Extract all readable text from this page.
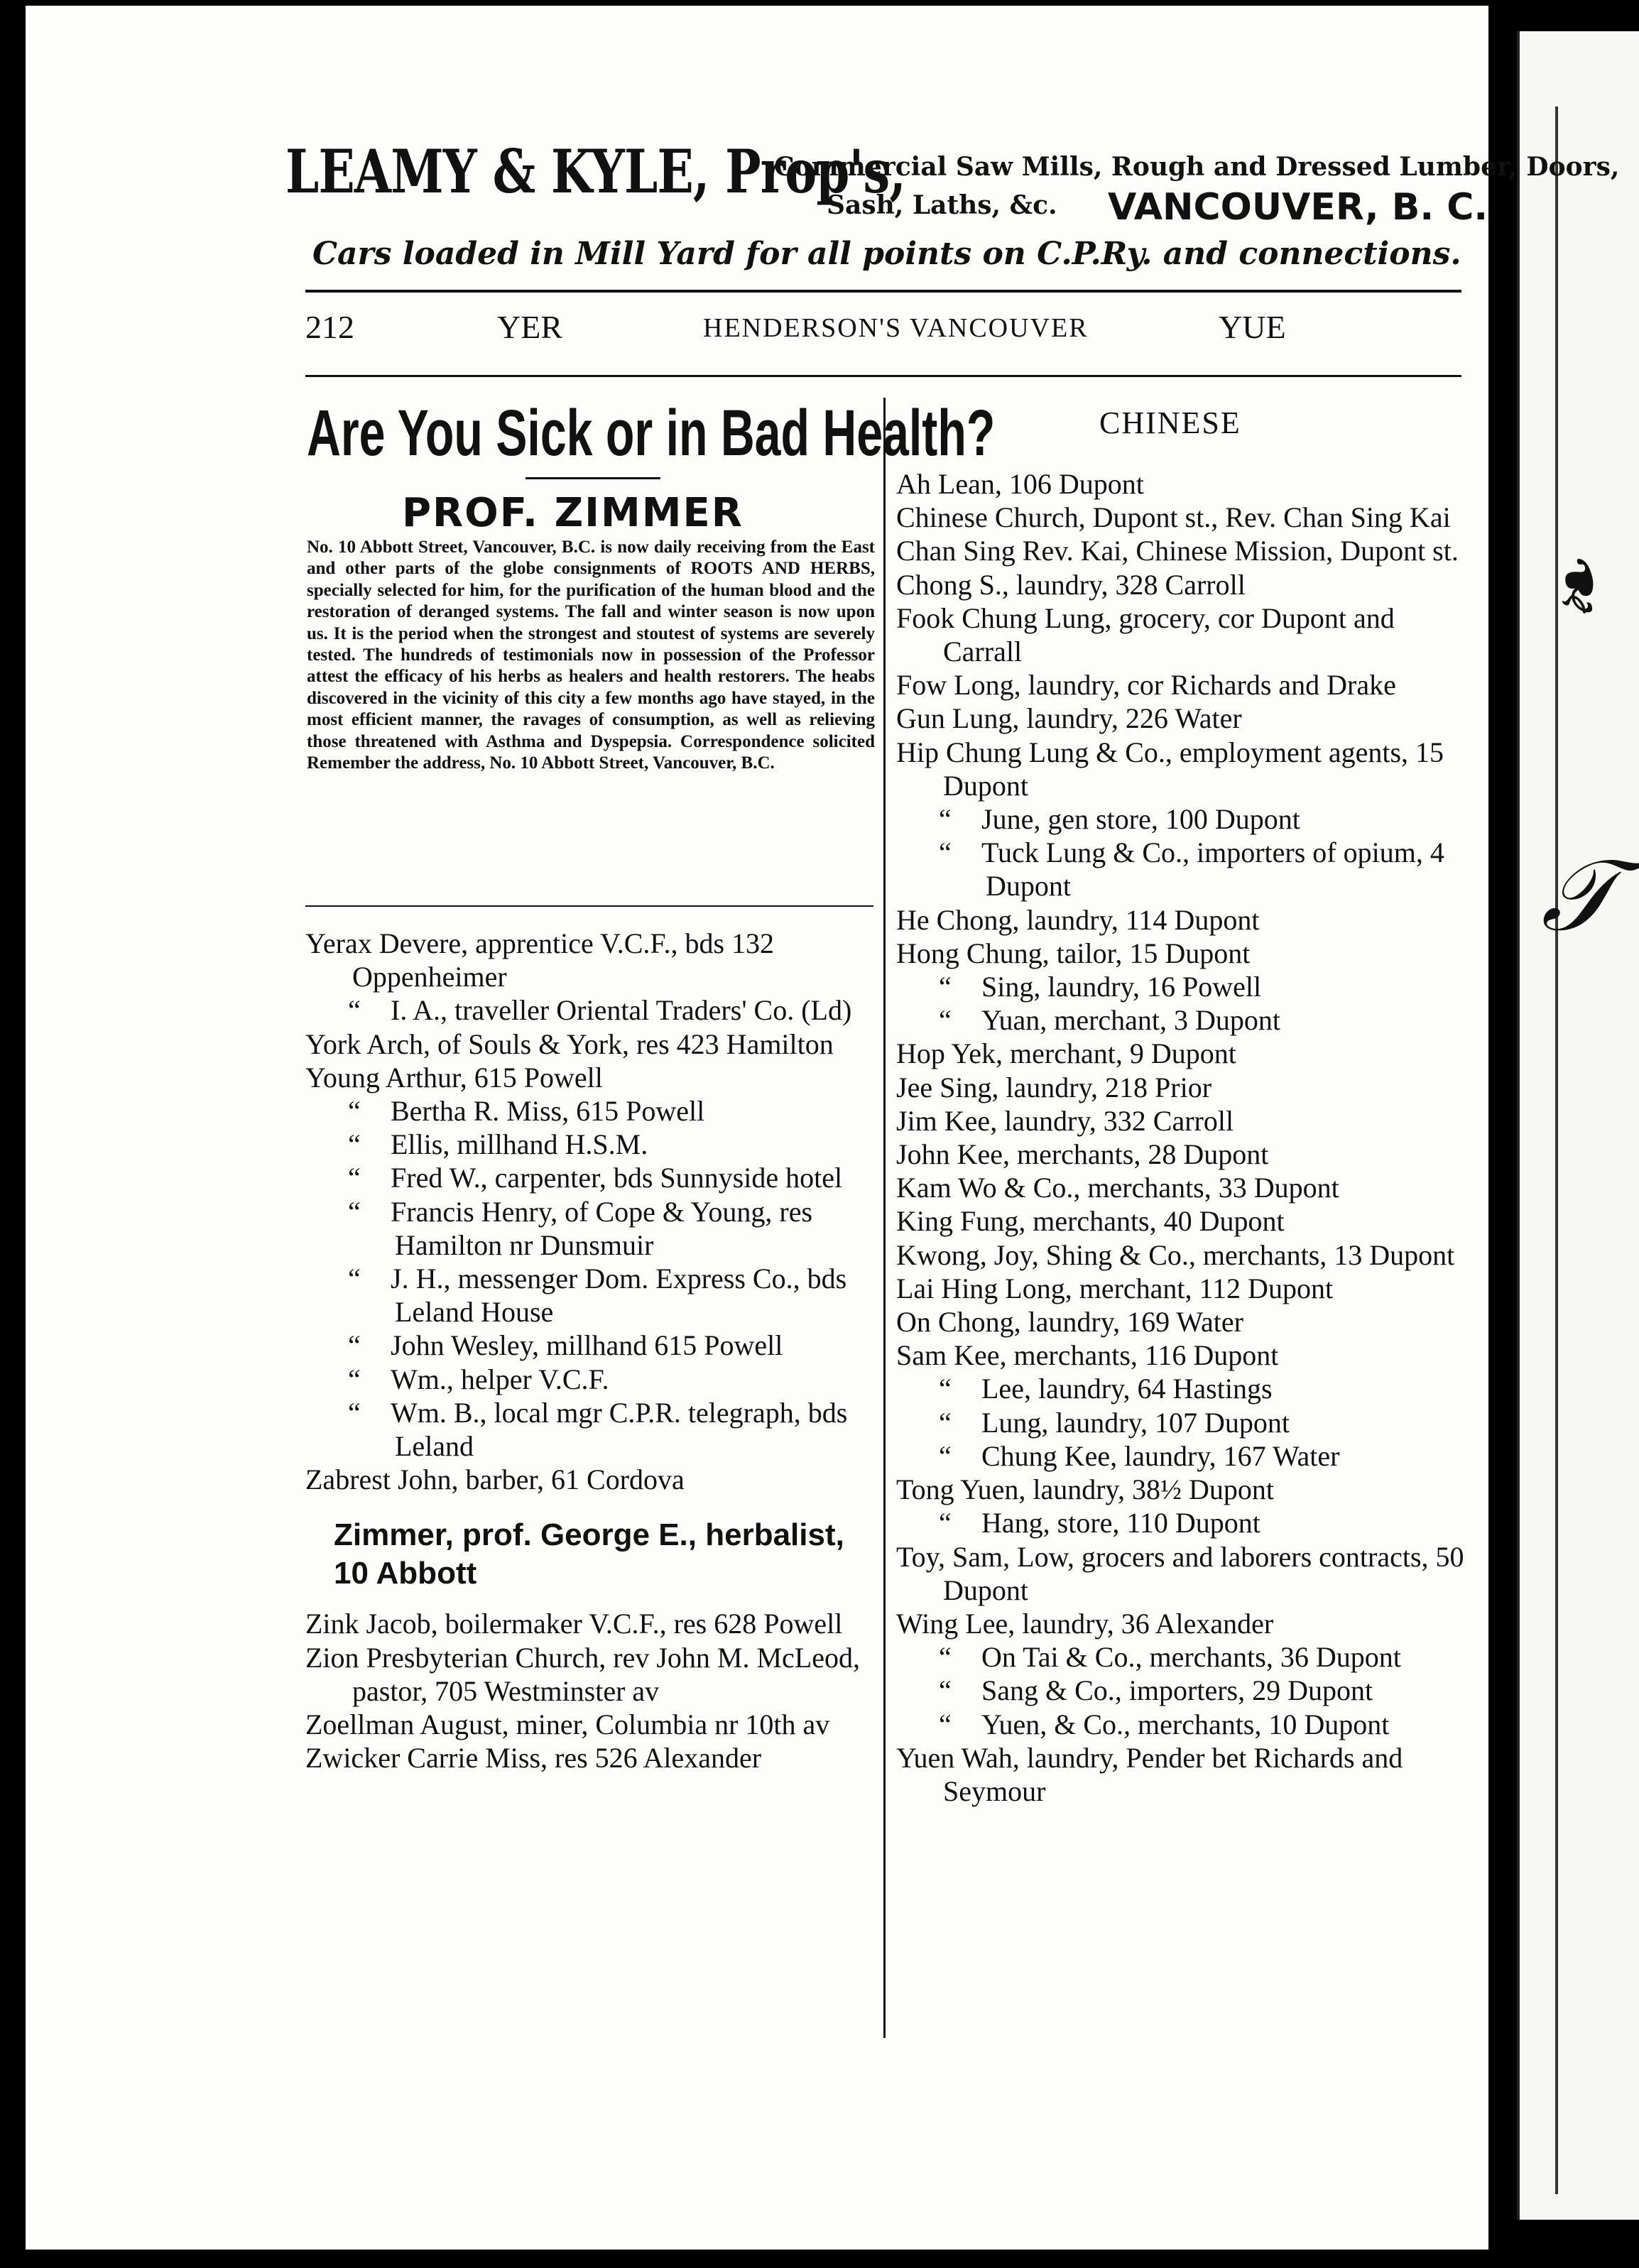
❧
𝒯
LEAMY & KYLE, Prop's,
Commercial Saw Mills, Rough and Dressed Lumber, Doors,
Sash, Laths, &c. VANCOUVER, B. C.
Cars loaded in Mill Yard for all points on C.P.Ry. and connections.
212	YER	HENDERSON'S VANCOUVER	YUE
Are You Sick or in Bad Health?
PROF. ZIMMER
No. 10 Abbott Street, Vancouver, B.C. is now daily receiving from the East and other parts of the globe consignments of ROOTS AND HERBS, specially selected for him, for the purification of the human blood and the restoration of deranged systems. The fall and winter season is now upon us. It is the period when the strongest and stoutest of systems are severely tested. The hundreds of testimonials now in possession of the Professor attest the efficacy of his herbs as healers and health restorers. The heabs discovered in the vicinity of this city a few months ago have stayed, in the most efficient manner, the ravages of consumption, as well as relieving those threatened with Asthma and Dyspepsia. Correspondence solicited Remember the address, No. 10 Abbott Street, Vancouver, B.C.
Yerax Devere, apprentice V.C.F., bds 132 Oppenheimer
“ I. A., traveller Oriental Traders' Co. (Ld)
York Arch, of Souls & York, res 423 Hamilton
Young Arthur, 615 Powell
“ Bertha R. Miss, 615 Powell
“ Ellis, millhand H.S.M.
“ Fred W., carpenter, bds Sunnyside hotel
“ Francis Henry, of Cope & Young, res Hamilton nr Dunsmuir
“ J. H., messenger Dom. Express Co., bds Leland House
“ John Wesley, millhand 615 Powell
“ Wm., helper V.C.F.
“ Wm. B., local mgr C.P.R. telegraph, bds Leland
Zabrest John, barber, 61 Cordova
Zimmer, prof. George E., herbalist, 10 Abbott
Zink Jacob, boilermaker V.C.F., res 628 Powell
Zion Presbyterian Church, rev John M. McLeod, pastor, 705 Westminster av
Zoellman August, miner, Columbia nr 10th av
Zwicker Carrie Miss, res 526 Alexander
CHINESE
Ah Lean, 106 Dupont
Chinese Church, Dupont st., Rev. Chan Sing Kai
Chan Sing Rev. Kai, Chinese Mission, Dupont st.
Chong S., laundry, 328 Carroll
Fook Chung Lung, grocery, cor Dupont and Carrall
Fow Long, laundry, cor Richards and Drake
Gun Lung, laundry, 226 Water
Hip Chung Lung & Co., employment agents, 15 Dupont
“ June, gen store, 100 Dupont
“ Tuck Lung & Co., importers of opium, 4 Dupont
He Chong, laundry, 114 Dupont
Hong Chung, tailor, 15 Dupont
“ Sing, laundry, 16 Powell
“ Yuan, merchant, 3 Dupont
Hop Yek, merchant, 9 Dupont
Jee Sing, laundry, 218 Prior
Jim Kee, laundry, 332 Carroll
John Kee, merchants, 28 Dupont
Kam Wo & Co., merchants, 33 Dupont
King Fung, merchants, 40 Dupont
Kwong, Joy, Shing & Co., merchants, 13 Dupont
Lai Hing Long, merchant, 112 Dupont
On Chong, laundry, 169 Water
Sam Kee, merchants, 116 Dupont
“ Lee, laundry, 64 Hastings
“ Lung, laundry, 107 Dupont
“ Chung Kee, laundry, 167 Water
Tong Yuen, laundry, 38½ Dupont
“ Hang, store, 110 Dupont
Toy, Sam, Low, grocers and laborers contracts, 50 Dupont
Wing Lee, laundry, 36 Alexander
“ On Tai & Co., merchants, 36 Dupont
“ Sang & Co., importers, 29 Dupont
“ Yuen, & Co., merchants, 10 Dupont
Yuen Wah, laundry, Pender bet Richards and Seymour
